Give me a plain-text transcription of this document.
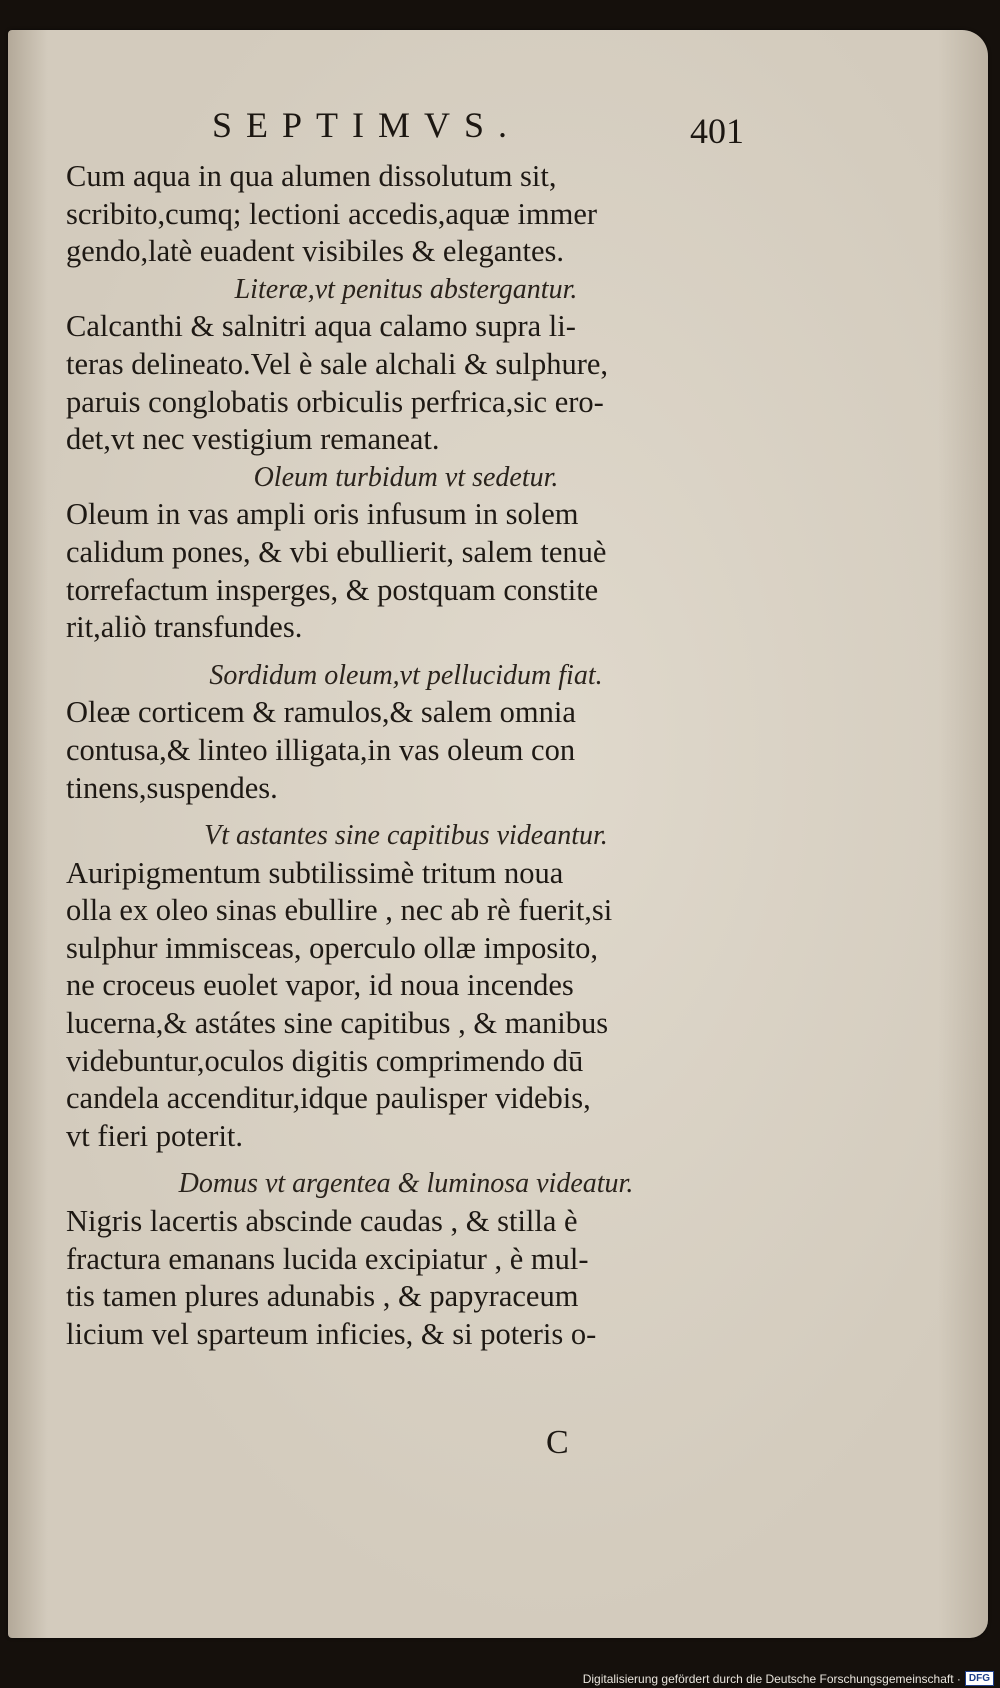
SEPTIMVS.	401
Cum aqua in qua alumen dissolutum sit,
scribito,cumq; lectioni accedis,aquæ immer
gendo,latè euadent visibiles & elegantes.
Literæ,vt penitus abstergantur.
Calcanthi & salnitri aqua calamo supra li-
teras delineato.Vel è sale alchali & sulphure,
paruis conglobatis orbiculis perfrica,sic ero-
det,vt nec vestigium remaneat.
Oleum turbidum vt sedetur.
Oleum in vas ampli oris infusum in solem
calidum pones, & vbi ebullierit, salem tenuè
torrefactum insperges, & postquam constite
rit,aliò transfundes.
Sordidum oleum,vt pellucidum fiat.
Oleæ corticem & ramulos,& salem omnia
contusa,& linteo illigata,in vas oleum con
tinens,suspendes.
Vt astantes sine capitibus videantur.
Auripigmentum subtilissimè tritum noua
olla ex oleo sinas ebullire , nec ab rè fuerit,si
sulphur immisceas, operculo ollæ imposito,
ne croceus euolet vapor, id noua incendes
lucerna,& astátes sine capitibus , & manibus
videbuntur,oculos digitis comprimendo dū
candela accenditur,idque paulisper videbis,
vt fieri poterit.
Domus vt argentea & luminosa videatur.
Nigris lacertis abscinde caudas , & stilla è
fractura emanans lucida excipiatur , è mul-
tis tamen plures adunabis , & papyraceum
licium vel sparteum inficies, & si poteris o-
C
Digitalisierung gefördert durch die Deutsche Forschungsgemeinschaft · DFG
